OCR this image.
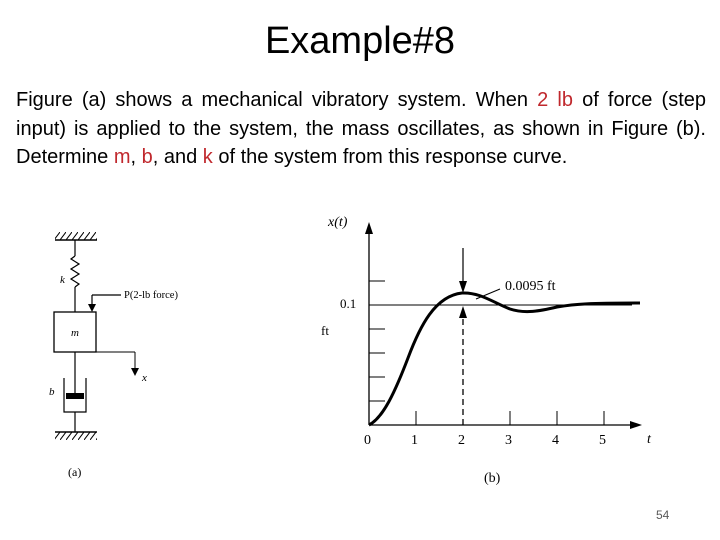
Example#8
Figure (a) shows a mechanical vibratory system. When 2 lb of force (step input) is applied to the system, the mass oscillates, as shown in Figure (b). Determine m, b, and k of the system from this response curve.
k
P(2-lb force)
m
x
b
(a)
x(t)
t
0	1	2	3	4	5
0.1
ft
0.0095 ft
(b)
54
